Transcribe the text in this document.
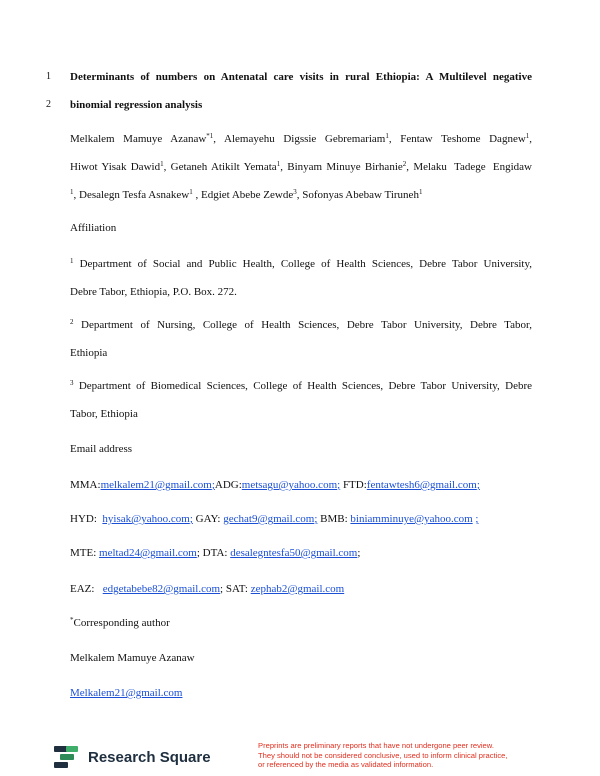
1 Determinants of numbers on Antenatal care visits in rural Ethiopia: A Multilevel negative
2 binomial regression analysis
Melkalem Mamuye Azanaw$^{*1}$, Alemayehu Digssie Gebremariam$^1$, Fentaw Teshome Dagnew$^1$,
Hiwot Yisak Dawid$^1$, Getaneh Atikilt Yemata$^1$, Binyam Minuye Birhanie$^2$, Melaku Tadege Engidaw
$^1$, Desalegn Tesfa Asnakew$^1$ , Edgiet Abebe Zewde$^3$, Sofonyas Abebaw Tiruneh$^1$
Affiliation
$^1$ Department of Social and Public Health, College of Health Sciences, Debre Tabor University,
Debre Tabor, Ethiopia, P.O. Box. 272.
$^2$ Department of Nursing, College of Health Sciences, Debre Tabor University, Debre Tabor,
Ethiopia
$^3$ Department of Biomedical Sciences, College of Health Sciences, Debre Tabor University, Debre
Tabor, Ethiopia
Email address
MMA:melkalem21@gmail.com;ADG:metsagu@yahoo.com; FTD:fentawtesh6@gmail.com;
HYD: hyisak@yahoo.com; GAY: gechat9@gmail.com; BMB: biniamminuye@yahoo.com ;
MTE: meltad24@gmail.com; DTA: desalegntesfa50@gmail.com;
EAZ: edgetabebe82@gmail.com; SAT: zephab2@gmail.com
*Corresponding author
Melkalem Mamuye Azanaw
Melkalem21@gmail.com
Research Square
Preprints are preliminary reports that have not undergone peer review.
They should not be considered conclusive, used to inform clinical practice,
or referenced by the media as validated information.
